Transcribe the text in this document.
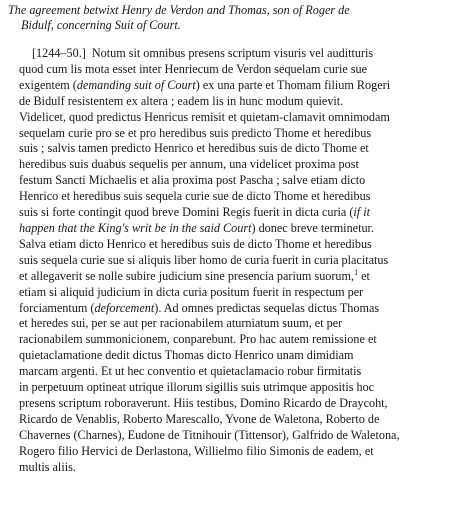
The agreement betwixt Henry de Verdon and Thomas, son of Roger de
Bidulf, concerning Suit of Court.
[1244–50.] Notum sit omnibus presens scriptum visuris vel auditturis
quod cum lis mota esset inter Henriecum de Verdon sequelam curie sue
exigentem (demanding suit of Court) ex una parte et Thomam filium Rogeri
de Bidulf resistentem ex altera ; eadem lis in hunc modum quievit.
Videlicet, quod predictus Henricus remisit et quietam-clamavit omnimodam
sequelam curie pro se et pro heredibus suis predicto Thome et heredibus
suis ; salvis tamen predicto Henrico et heredibus suis de dicto Thome et
heredibus suis duabus sequelis per annum, una videlicet proxima post
festum Sancti Michaelis et alia proxima post Pascha ; salve etiam dicto
Henrico et heredibus suis sequela curie sue de dicto Thome et heredibus
suis si forte contingit quod breve Domini Regis fuerit in dicta curia (if it
happen that the King's writ be in the said Court) donec breve terminetur.
Salva etiam dicto Henrico et heredibus suis de dicto Thome et heredibus
suis sequela curie sue si aliquis liber homo de curia fuerit in curia placitatus
et allegaverit se nolle subire judicium sine presencia parium suorum,$^1$ et
etiam si aliquid judicium in dicta curia positum fuerit in respectum per
forciamentum (deforcement). Ad omnes predictas sequelas dictus Thomas
et heredes sui, per se aut per racionabilem aturniatum suum, et per
racionabilem summonicionem, conparebunt. Pro hac autem remissione et
quietaclamatione dedit dictus Thomas dicto Henrico unam dimidiam
marcam argenti. Et ut hec conventio et quietaclamacio robur firmitatis
in perpetuum optineat utrique illorum sigillis suis utrimque appositis hoc
presens scriptum roboraverunt. Hiis testibus, Domino Ricardo de Draycoht,
Ricardo de Venablis, Roberto Marescallo, Yvone de Waletona, Roberto de
Chavernes (Charnes), Eudone de Titnihouir (Tittensor), Galfrido de Waletona,
Rogero filio Hervici de Derlastona, Willielmo filio Simonis de eadem, et
multis aliis.
